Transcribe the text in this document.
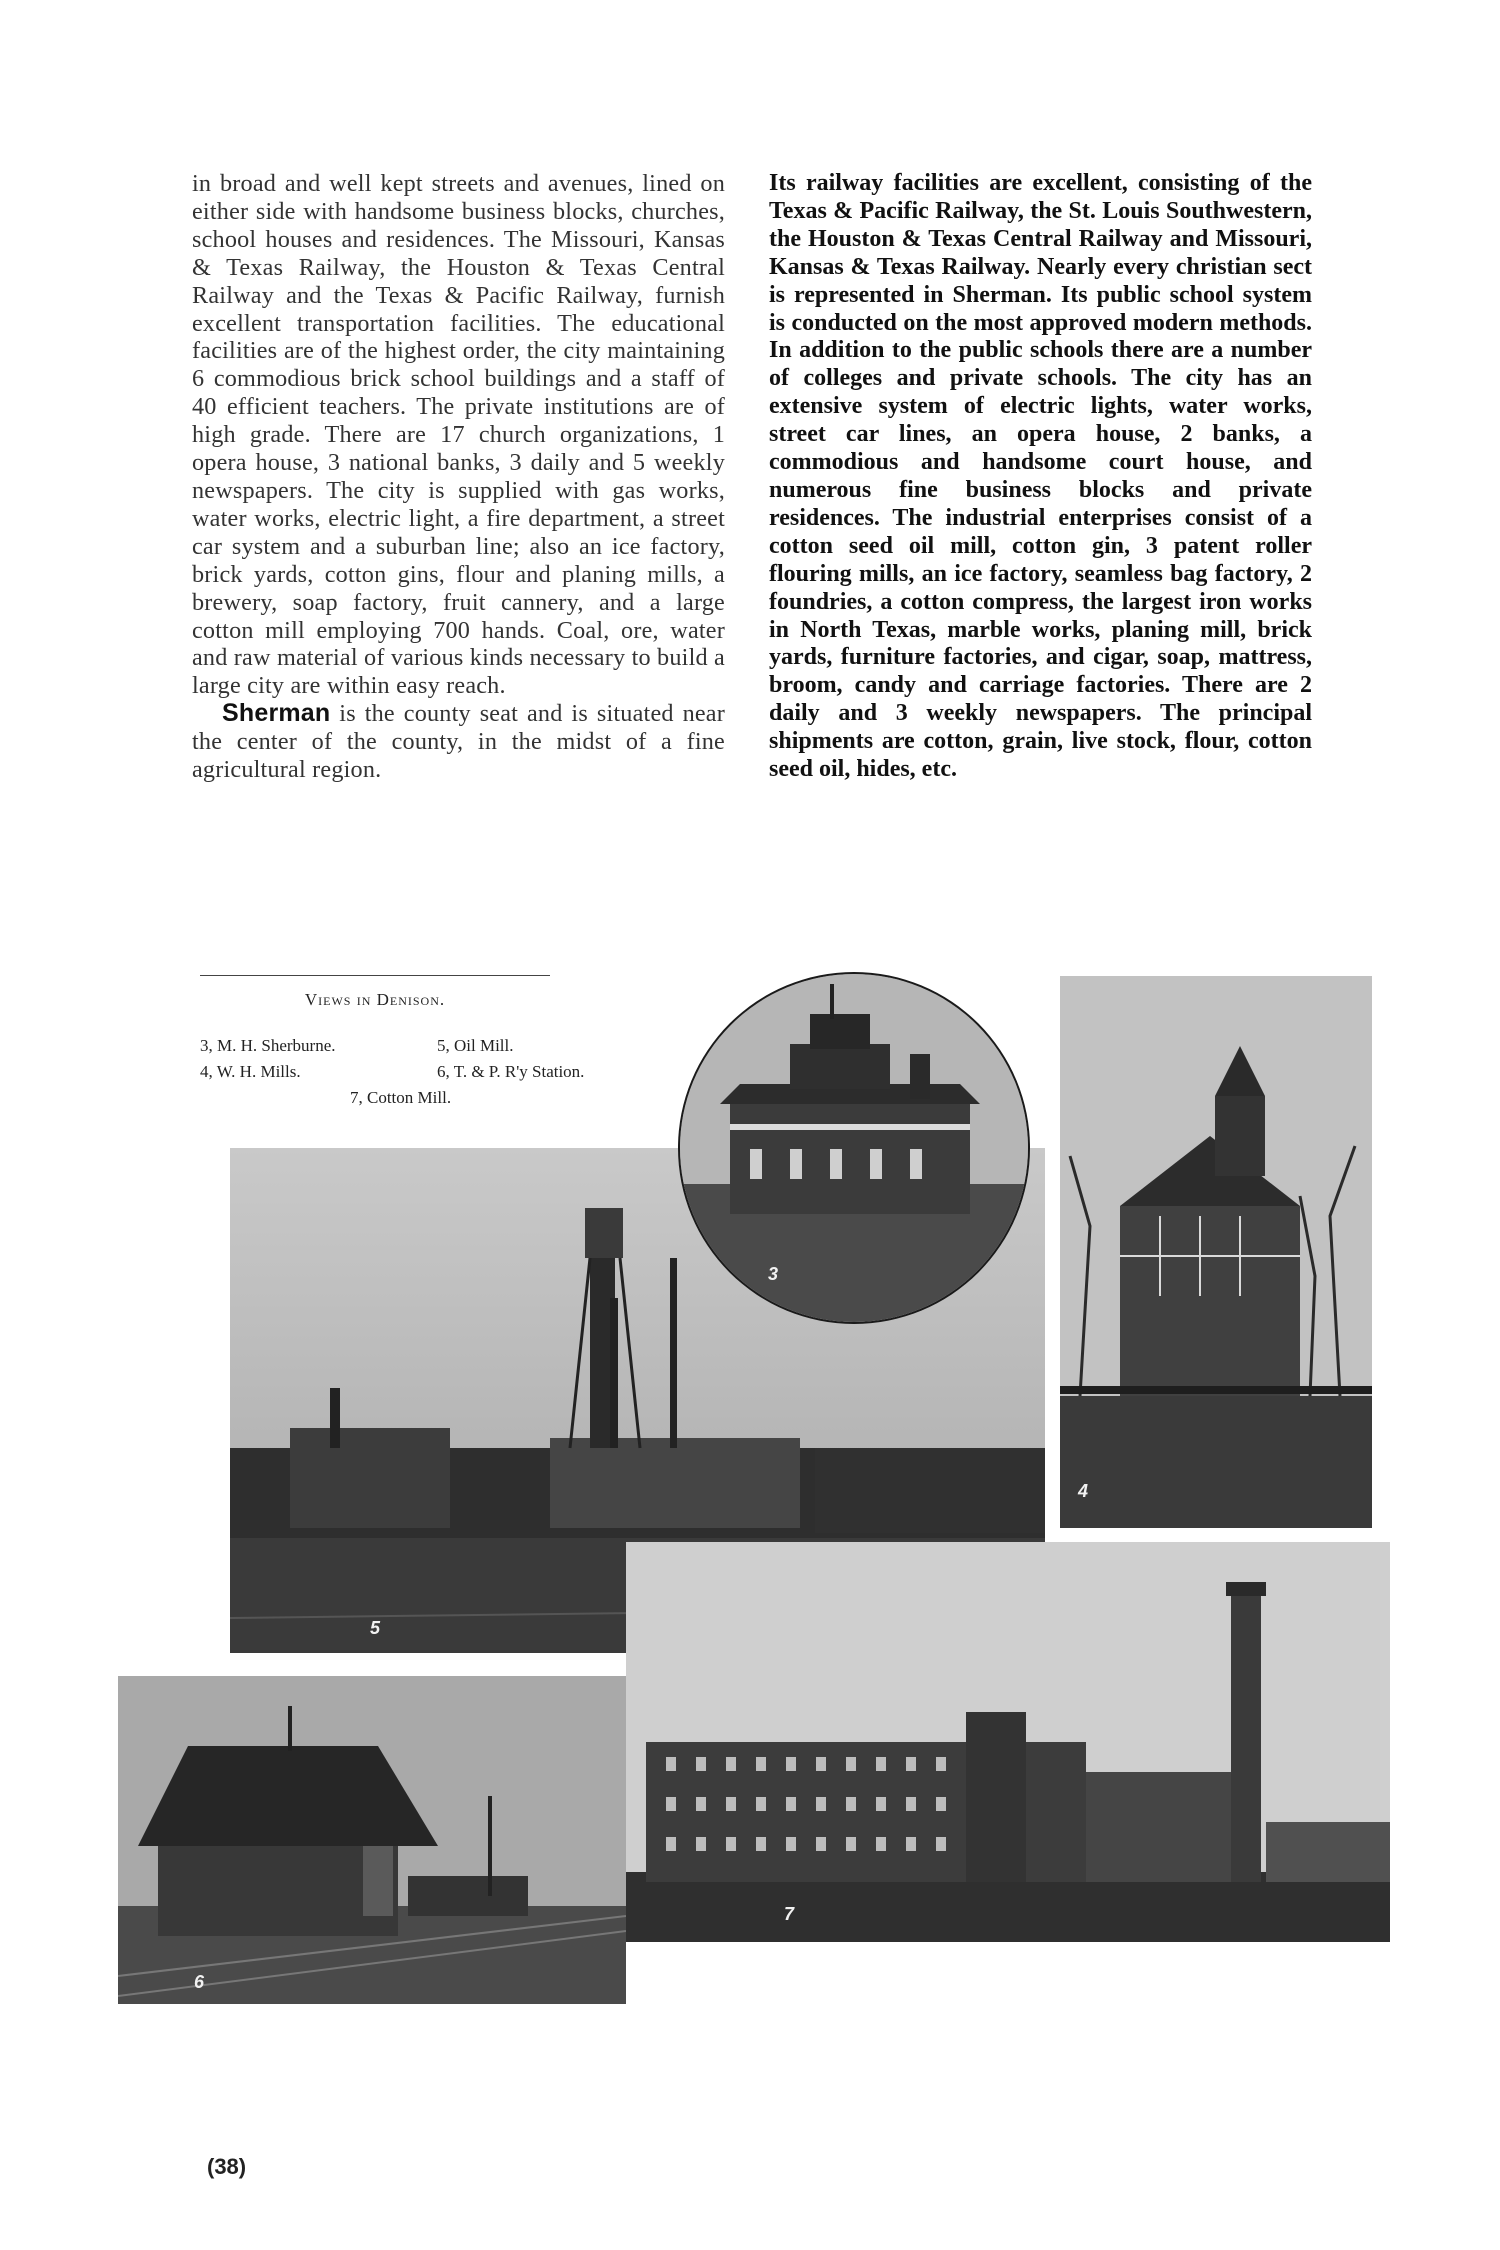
in broad and well kept streets and avenues, lined on either side with handsome business blocks, churches, school houses and residences. The Missouri, Kansas & Texas Railway, the Houston & Texas Central Railway and the Texas & Pacific Railway, furnish excellent transportation facilities. The educational facilities are of the highest order, the city maintaining 6 commodious brick school buildings and a staff of 40 efficient teachers. The private institutions are of high grade. There are 17 church organizations, 1 opera house, 3 national banks, 3 daily and 5 weekly newspapers. The city is supplied with gas works, water works, electric light, a fire department, a street car system and a suburban line; also an ice factory, brick yards, cotton gins, flour and planing mills, a brewery, soap factory, fruit cannery, and a large cotton mill employing 700 hands. Coal, ore, water and raw material of various kinds necessary to build a large city are within easy reach.

Sherman is the county seat and is situated near the center of the county, in the midst of a fine agricultural region.

Its railway facilities are excellent, consisting of the Texas & Pacific Railway, the St. Louis Southwestern, the Houston & Texas Central Railway and Missouri, Kansas & Texas Railway. Nearly every christian sect is represented in Sherman. Its public school system is conducted on the most approved modern methods. In addition to the public schools there are a number of colleges and private schools. The city has an extensive system of electric lights, water works, street car lines, an opera house, 2 banks, a commodious and handsome court house, and numerous fine business blocks and private residences. The industrial enterprises consist of a cotton seed oil mill, cotton gin, 3 patent roller flouring mills, an ice factory, seamless bag factory, 2 foundries, a cotton compress, the largest iron works in North Texas, marble works, planing mill, brick yards, furniture factories, and cigar, soap, mattress, broom, candy and carriage factories. There are 2 daily and 3 weekly newspapers. The principal shipments are cotton, grain, live stock, flour, cotton seed oil, hides, etc.

Views in Denison.
3, M. H. Sherburne.	5, Oil Mill.
4, W. H. Mills.	6, T. & P. R'y Station.
7, Cotton Mill.
5
3
4
6
7
(38)
